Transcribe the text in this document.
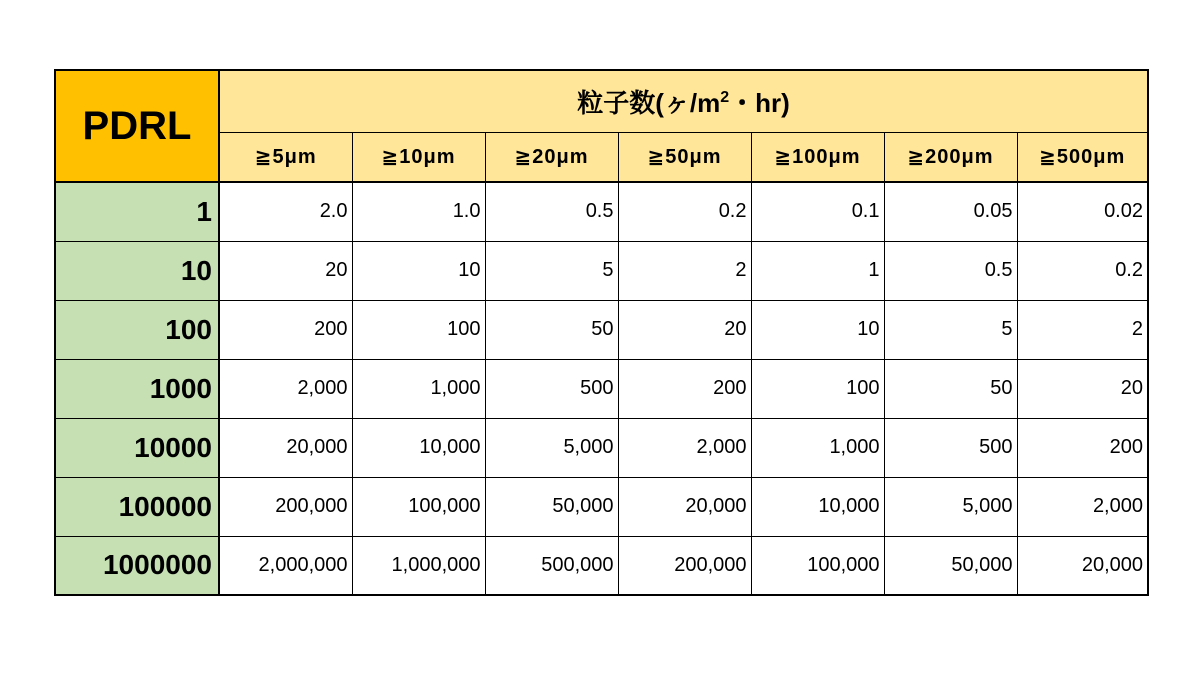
PDRL	粒子数(ヶ$/m^2$・hr)						
	≧5μm	≧10μm	≧20μm	≧50μm	≧100μm	≧200μm	≧500μm
1	2.0	1.0	0.5	0.2	0.1	0.05	0.02
10	20	10	5	2	1	0.5	0.2
100	200	100	50	20	10	5	2
1000	2,000	1,000	500	200	100	50	20
10000	20,000	10,000	5,000	2,000	1,000	500	200
100000	200,000	100,000	50,000	20,000	10,000	5,000	2,000
1000000	2,000,000	1,000,000	500,000	200,000	100,000	50,000	20,000
